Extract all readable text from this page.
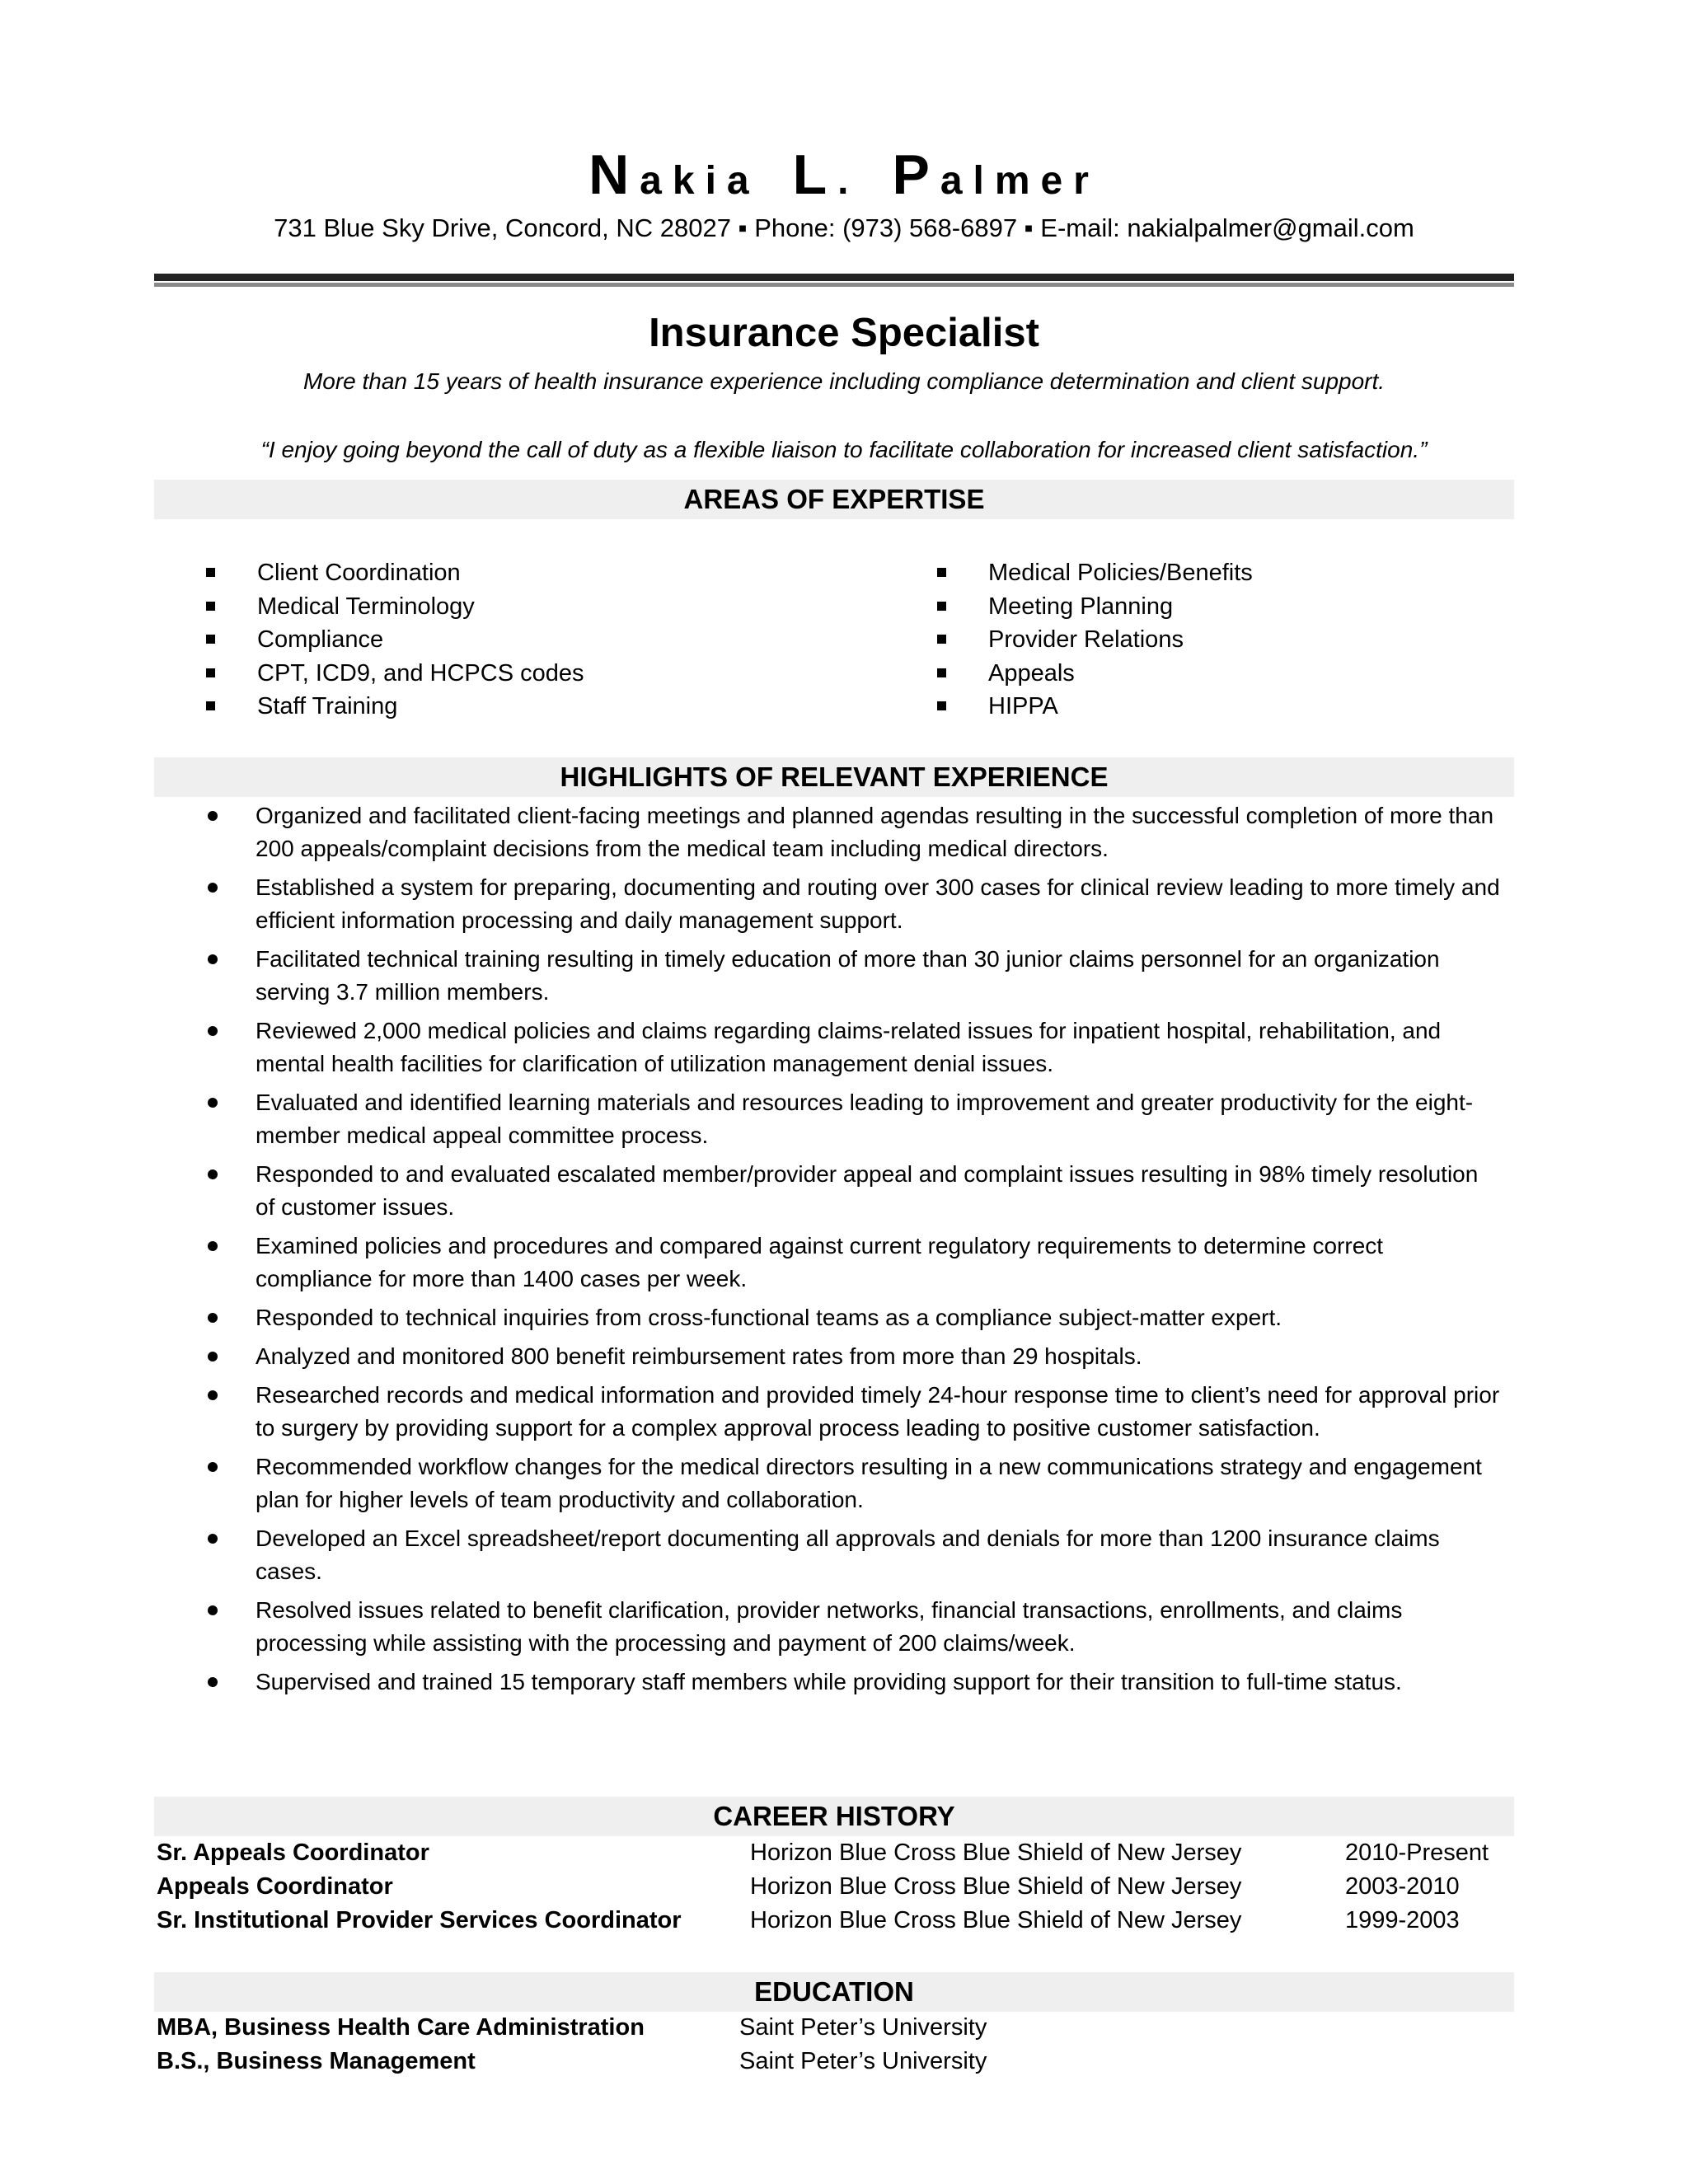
Nakia L. Palmer
731 Blue Sky Drive, Concord, NC 28027 ▪ Phone: (973) 568-6897 ▪ E-mail: nakialpalmer@gmail.com
Insurance Specialist
More than 15 years of health insurance experience including compliance determination and client support.
“I enjoy going beyond the call of duty as a flexible liaison to facilitate collaboration for increased client satisfaction.”
AREAS OF EXPERTISE
Client Coordination
Medical Terminology
Compliance
CPT, ICD9, and HCPCS codes
Staff Training
Medical Policies/Benefits
Meeting Planning
Provider Relations
Appeals
HIPPA
HIGHLIGHTS OF RELEVANT EXPERIENCE
Organized and facilitated client-facing meetings and planned agendas resulting in the successful completion of more than 200 appeals/complaint decisions from the medical team including medical directors.
Established a system for preparing, documenting and routing over 300 cases for clinical review leading to more timely and efficient information processing and daily management support.
Facilitated technical training resulting in timely education of more than 30 junior claims personnel for an organization serving 3.7 million members.
Reviewed 2,000 medical policies and claims regarding claims-related issues for inpatient hospital, rehabilitation, and mental health facilities for clarification of utilization management denial issues.
Evaluated and identified learning materials and resources leading to improvement and greater productivity for the eight-member medical appeal committee process.
Responded to and evaluated escalated member/provider appeal and complaint issues resulting in 98% timely resolution of customer issues.
Examined policies and procedures and compared against current regulatory requirements to determine correct compliance for more than 1400 cases per week.
Responded to technical inquiries from cross-functional teams as a compliance subject-matter expert.
Analyzed and monitored 800 benefit reimbursement rates from more than 29 hospitals.
Researched records and medical information and provided timely 24-hour response time to client’s need for approval prior to surgery by providing support for a complex approval process leading to positive customer satisfaction.
Recommended workflow changes for the medical directors resulting in a new communications strategy and engagement plan for higher levels of team productivity and collaboration.
Developed an Excel spreadsheet/report documenting all approvals and denials for more than 1200 insurance claims cases.
Resolved issues related to benefit clarification, provider networks, financial transactions, enrollments, and claims processing while assisting with the processing and payment of 200 claims/week.
Supervised and trained 15 temporary staff members while providing support for their transition to full-time status.
CAREER HISTORY
Sr. Appeals Coordinator	Horizon Blue Cross Blue Shield of New Jersey	2010-Present
Appeals Coordinator	Horizon Blue Cross Blue Shield of New Jersey	2003-2010
Sr. Institutional Provider Services Coordinator	Horizon Blue Cross Blue Shield of New Jersey	1999-2003
EDUCATION
MBA, Business Health Care Administration	Saint Peter’s University
B.S., Business Management	Saint Peter’s University
